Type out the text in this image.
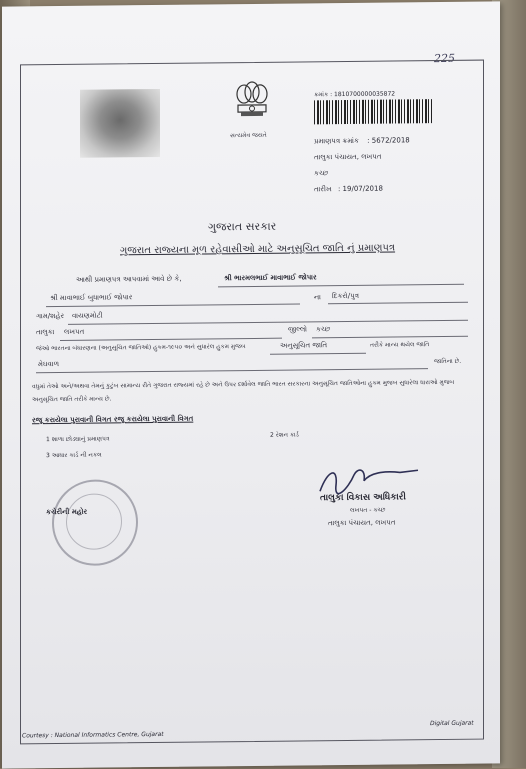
225
સત્યમેવ જયતે
ક્રમાંક : 1810700000035872
પ્રમાણપત્ર ક્રમાંક : 5672/2018
તાલુકા પંચાયત, લખપત
કચ્છ
તારીખ : 19/07/2018
ગુજરાત સરકાર
ગુજરાત રાજ્યના મૂળ રહેવાસીઓ માટે અનુસૂચિત જાતિ નું પ્રમાણપત્ર
આથી પ્રમાણપત્ર આપવામાં આવે છે કે,	શ્રી ભારમલભાઈ માવાભાઈ જોપાર
શ્રી માવાભાઈ બુધાભાઈ જોપાર	ના દિકરો/પુત્ર
ગામ/શહેર વાયણમોટી
તાલુકા લખપત	જીલ્લો કચ્છ
જેઓ ભારતના બંધારણના (અનુસૂચિત જાતિઓ) હુકમ-૧૯૫૦ અને સુધારેલ હુકમ મુજબ	અનુસૂચિત જાતિ	તરીકે માન્ય થયેલ જાતિ
મેઘવાળ	જાતિના છે.
વધુમાં તેઓ અને/અથવા તેમનું કુટુંબ સામાન્ય રીતે ગુજરાત રાજ્યમાં રહે છે અને ઉપર દર્શાવેલ જાતિ ભારત સરકારના અનુસૂચિત જાતિઓના હુકમ મુજબ સુધારેલા ધારાઓ મુજબ અનુસૂચિત જાતિ તરીકે માન્ય છે.
રજૂ કરાયેલા પુરાવાની વિગત રજૂ કરાયેલા પુરાવાની વિગત
1 શાળા છોડ્યાનું પ્રમાણપત્ર
2 રેશન કાર્ડ
3 આધાર કાર્ડ ની નકલ
કચેરીની મહોર
તાલુકા વિકાસ અધિકારી
લખપત - કચ્છ
તાલુકા પંચાયત, લખપત
Courtesy : National Informatics Centre, Gujarat
Digital Gujarat
